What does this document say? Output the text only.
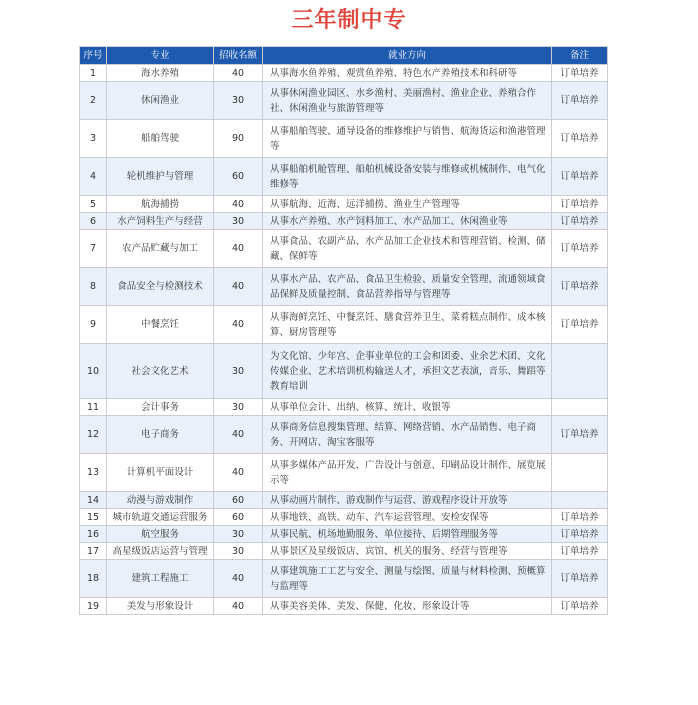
三年制中专
序号	专业	招收名额	就业方向	备注
1	海水养殖	40	从事海水鱼养殖、观赏鱼养殖、特色水产养殖技术和科研等	订单培养
2	休闲渔业	30	从事休闲渔业园区、水乡渔村、美丽渔村、渔业企业、养殖合作社、休闲渔业与旅游管理等	订单培养
3	船舶驾驶	90	从事船舶驾驶、通导设备的维修维护与销售、航海货运和渔港管理等	订单培养
4	轮机维护与管理	60	从事船舶机舱管理、船舶机械设备安装与维修或机械制作、电气化维修等	订单培养
5	航海捕捞	40	从事航海、近海、远洋捕捞、渔业生产管理等	订单培养
6	水产饲料生产与经营	30	从事水产养殖、水产饲料加工、水产品加工、休闲渔业等	订单培养
7	农产品贮藏与加工	40	从事食品、农副产品、水产品加工企业技术和管理营销、检测、储藏、保鲜等	订单培养
8	食品安全与检测技术	40	从事水产品、农产品、食品卫生检验、质量安全管理、流通领域食品保鲜及质量控制、食品营养指导与管理等	订单培养
9	中餐烹饪	40	从事海鲜烹饪、中餐烹饪、膳食营养卫生、菜肴糕点制作、成本核算、厨房管理等	订单培养
10	社会文化艺术	30	为文化馆、少年宫、企事业单位的工会和团委、业余艺术团、文化传媒企业、艺术培训机构输送人才，承担文艺表演，音乐、舞蹈等教育培训	
11	会计事务	30	从事单位会计、出纳、核算、统计、收银等	
12	电子商务	40	从事商务信息搜集管理、结算、网络营销、水产品销售、电子商务、开网店、淘宝客服等	订单培养
13	计算机平面设计	40	从事多媒体产品开发、广告设计与创意、印刷品设计制作、展览展示等	
14	动漫与游戏制作	60	从事动画片制作、游戏制作与运营、游戏程序设计开放等	
15	城市轨道交通运营服务	60	从事地铁、高铁、动车、汽车运营管理、安检安保等	订单培养
16	航空服务	30	从事民航、机场地勤服务、单位接待、后期管理服务等	订单培养
17	高星级饭店运营与管理	30	从事景区及星级饭店、宾馆、机关的服务、经营与管理等	订单培养
18	建筑工程施工	40	从事建筑施工工艺与安全、测量与绘图、质量与材料检测、预概算与监理等	订单培养
19	美发与形象设计	40	从事美容美体、美发、保健、化妆、形象设计等	订单培养
